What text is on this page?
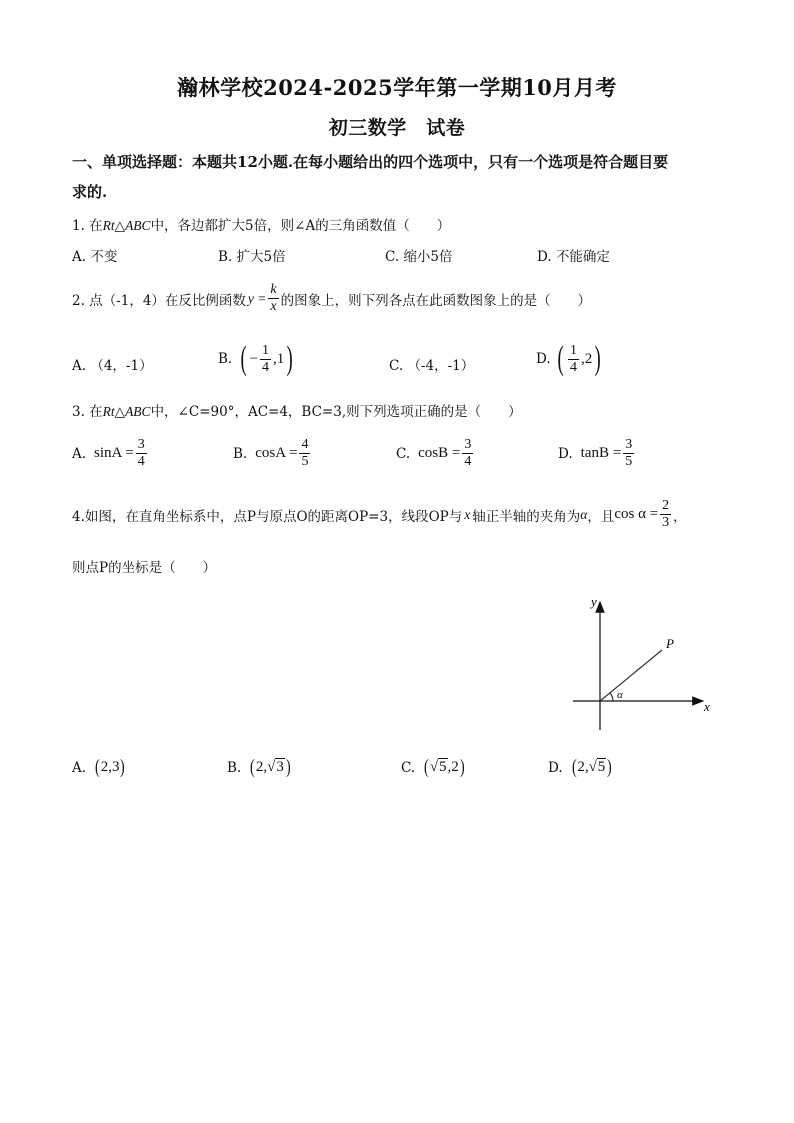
瀚林学校2024-2025学年第一学期10月月考
初三数学　试卷
一、单项选择题：本题共12小题.在每小题给出的四个选项中，只有一个选项是符合题目要
求的.
1. 在Rt△ABC中，各边都扩大5倍，则∠A的三角函数值（　　）
A. 不变	B. 扩大5倍	C. 缩小5倍	D. 不能确定
2. 点（-1，4）在反比例函数 $y = \frac{k}{x}$ 的图象上，则下列各点在此函数图象上的是（　　）
A. （4，-1）	B. ( − $\frac{1}{4} ,1$ )	C. （-4，-1）	D. ( $\frac{1}{4} ,2$ )
3. 在Rt△ABC中，∠C=90°，AC=4，BC=3,则下列选项正确的是（　　）
A. $\sin A = \frac{3}{4}$	B. $\cos A = \frac{4}{5}$	C. $\cos B = \frac{3}{4}$	D. $\tan B = \frac{3}{5}$
4.如图，在直角坐标系中，点P与原点O的距离OP=3，线段OP与 x 轴正半轴的夹角为 α ，且 $\cos \alpha = \frac{2}{3}$ ，
则点P的坐标是（　　）
y
x
P
α
A. ( 2 , 3 )	B. ( 2 , √3 )	C. ( √5 , 2 )	D. ( 2 , √5 )
